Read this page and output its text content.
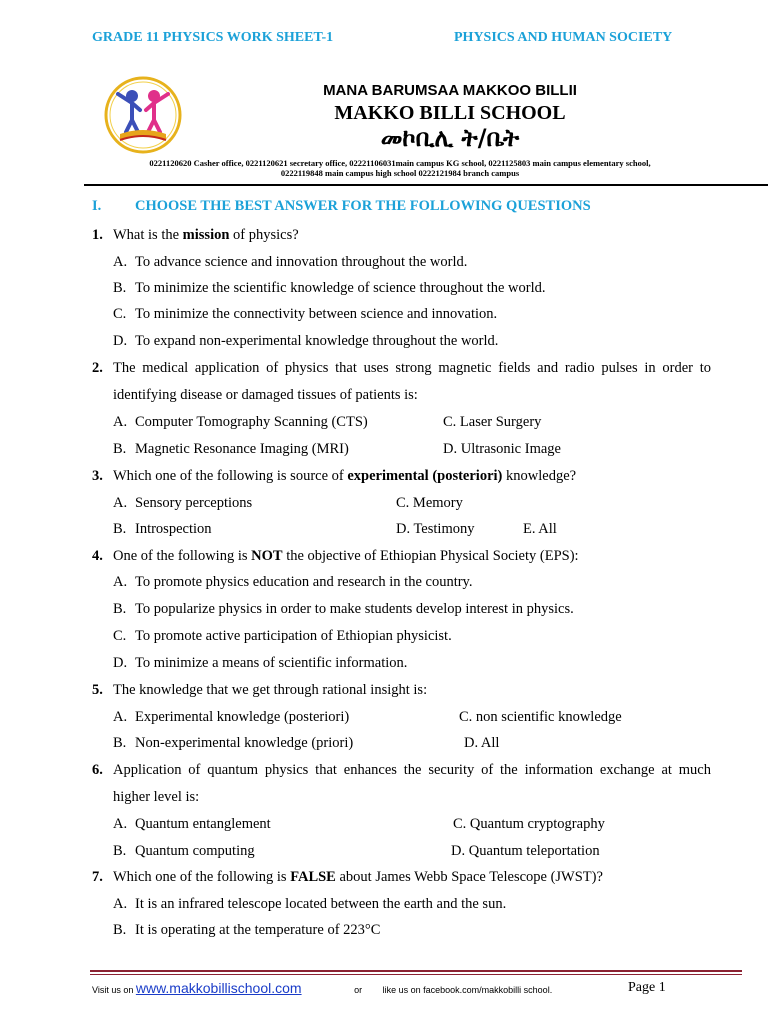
GRADE 11 PHYSICS WORK SHEET-1	PHYSICS AND HUMAN SOCIETY
MANA BARUMSAA MAKKOO BILLII
MAKKO BILLI SCHOOL
መኮቢሊ ት/ቤት
0221120620 Casher office, 0221120621 secretary office, 02221106031main campus KG school, 0221125803 main campus elementary school,
0222119848 main campus high school 0222121984 branch campus
I. CHOOSE THE BEST ANSWER FOR THE FOLLOWING QUESTIONS
1. What is the mission of physics?
A. To advance science and innovation throughout the world.
B. To minimize the scientific knowledge of science throughout the world.
C. To minimize the connectivity between science and innovation.
D. To expand non-experimental knowledge throughout the world.
2. The medical application of physics that uses strong magnetic fields and radio pulses in order to
identifying disease or damaged tissues of patients is:
A. Computer Tomography Scanning (CTS)	C. Laser Surgery
B. Magnetic Resonance Imaging (MRI)	D. Ultrasonic Image
3. Which one of the following is source of experimental (posteriori) knowledge?
A. Sensory perceptions	C. Memory
B. Introspection	D. Testimony	E. All
4. One of the following is NOT the objective of Ethiopian Physical Society (EPS):
A. To promote physics education and research in the country.
B. To popularize physics in order to make students develop interest in physics.
C. To promote active participation of Ethiopian physicist.
D. To minimize a means of scientific information.
5. The knowledge that we get through rational insight is:
A. Experimental knowledge (posteriori)	C. non scientific knowledge
B. Non-experimental knowledge (priori)	D. All
6. Application of quantum physics that enhances the security of the information exchange at much
higher level is:
A. Quantum entanglement	C. Quantum cryptography
B. Quantum computing	D. Quantum teleportation
7. Which one of the following is FALSE about James Webb Space Telescope (JWST)?
A. It is an infrared telescope located between the earth and the sun.
B. It is operating at the temperature of 223°C
Visit us on www.makkobillischool.com	or like us on facebook.com/makkobilli school.	Page 1
